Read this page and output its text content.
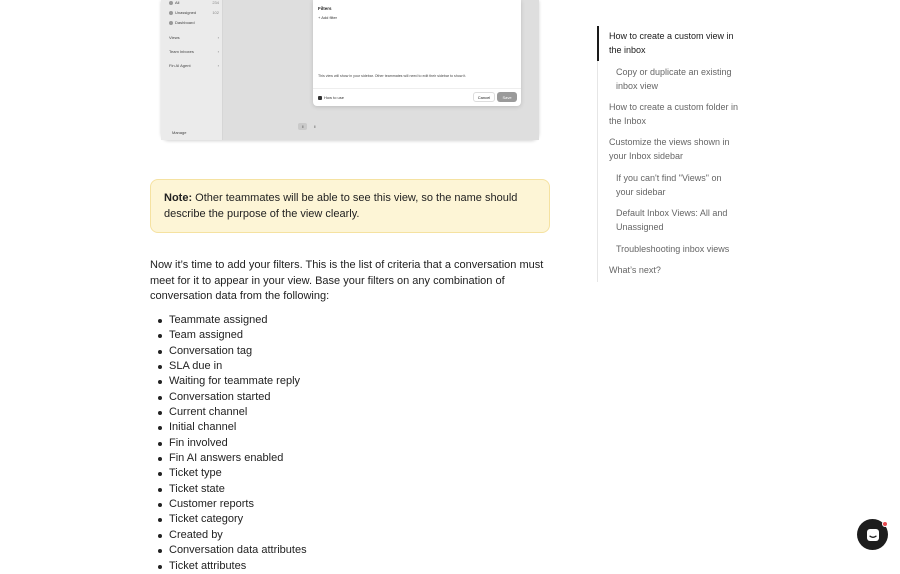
All	234
Unassigned	102
Dashboard
Views	›
Team Inboxes	›
Fin AI Agent	›
Manage
॥	॥
Filters
+ Add filter
This view will show in your sidebar. Other teammates will need to edit their sidebar to show it.
How to use	Cancel	Save
Note: Other teammates will be able to see this view, so the name should describe the purpose of the view clearly.

Now it’s time to add your filters. This is the list of criteria that a conversation must meet for it to appear in your view. Base your filters on any combination of conversation data from the following:

Teammate assigned
Team assigned
Conversation tag
SLA due in
Waiting for teammate reply
Conversation started
Current channel
Initial channel
Fin involved
Fin AI answers enabled
Ticket type
Ticket state
Customer reports
Ticket category
Created by
Conversation data attributes
Ticket attributes
How to create a custom view in the inbox
Copy or duplicate an existing inbox view
How to create a custom folder in the Inbox
Customize the views shown in your Inbox sidebar
If you can't find "Views" on your sidebar
Default Inbox Views: All and Unassigned
Troubleshooting inbox views
What’s next?
